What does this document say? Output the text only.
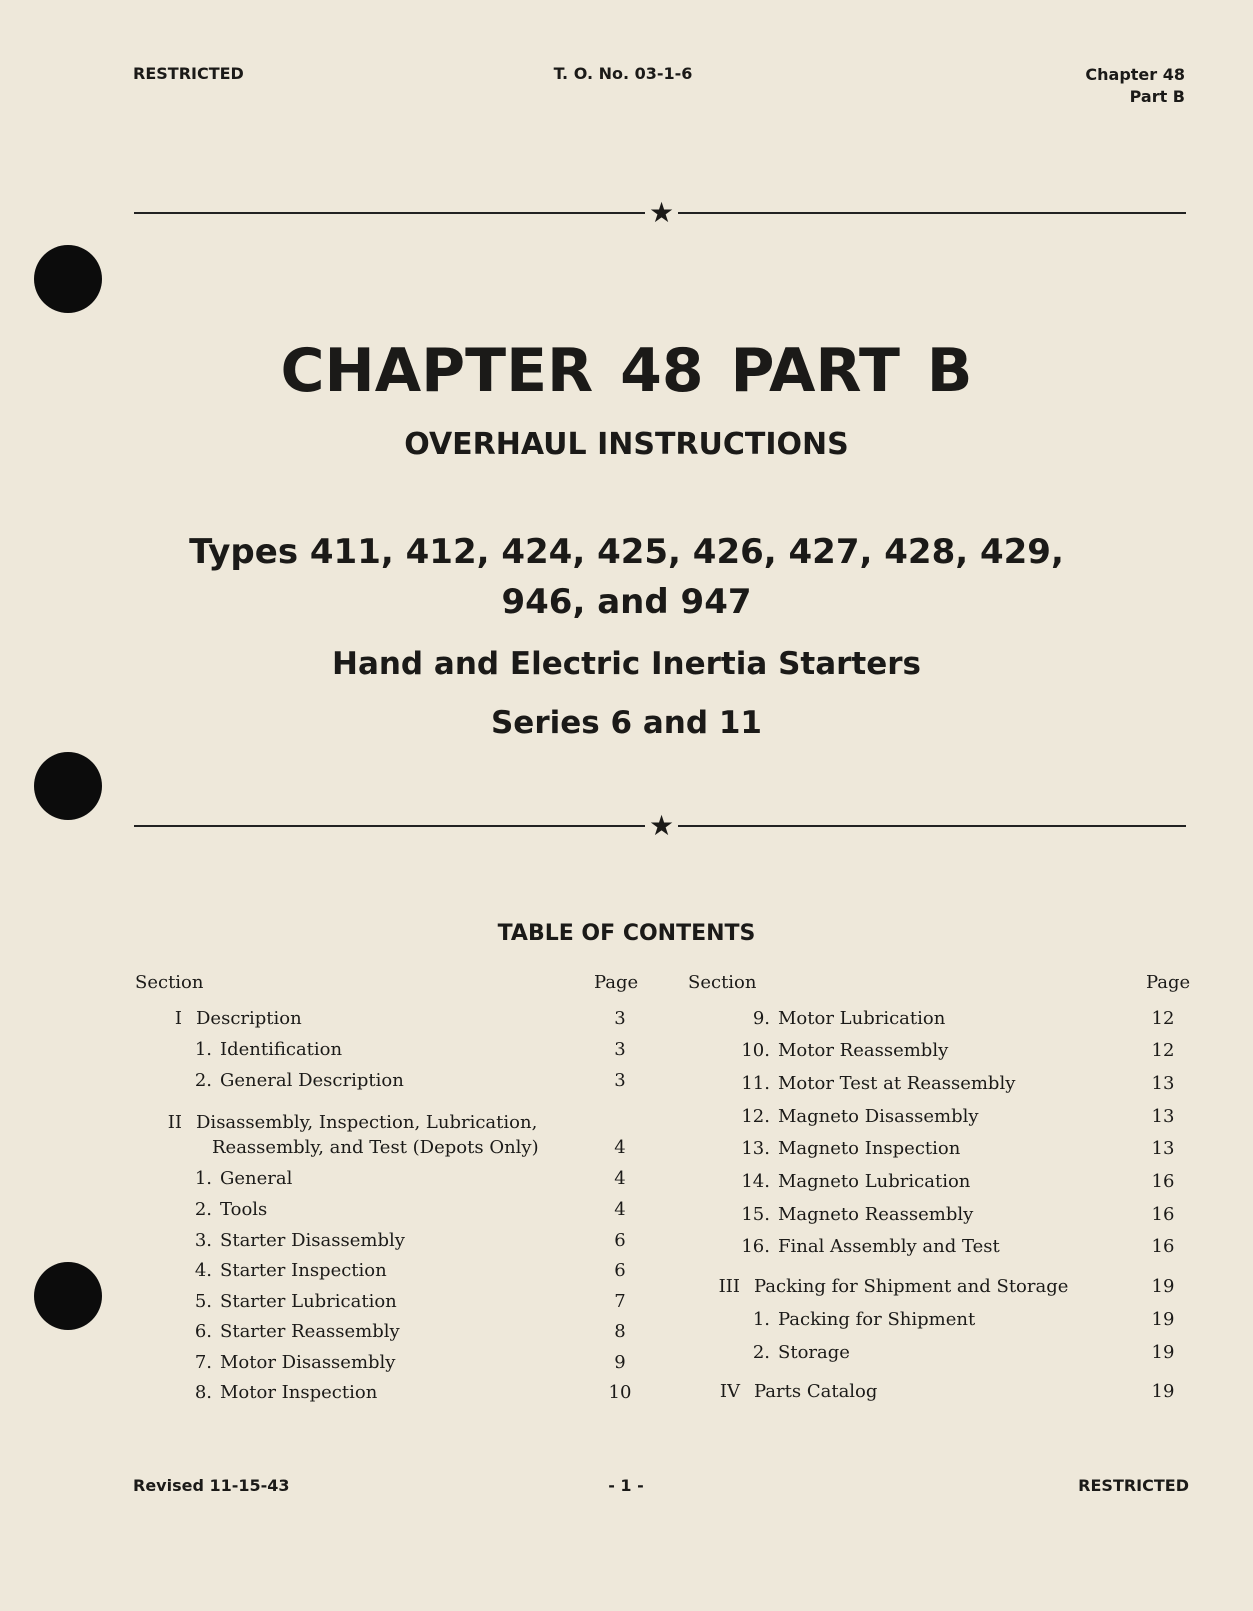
RESTRICTED	T. O. No. 03-1-6	Chapter 48
Part B
★
CHAPTER 48 PART B
OVERHAUL INSTRUCTIONS
Types 411, 412, 424, 425, 426, 427, 428, 429,
946, and 947
Hand and Electric Inertia Starters
Series 6 and 11
★
TABLE OF CONTENTS
Section	Page	Section	Page
I Description	3
1. Identification	3
2. General Description	3
II Disassembly, Inspection, Lubrication,
Reassembly, and Test (Depots Only)	4
1. General	4
2. Tools	4
3. Starter Disassembly	6
4. Starter Inspection	6
5. Starter Lubrication	7
6. Starter Reassembly	8
7. Motor Disassembly	9
8. Motor Inspection	10
9. Motor Lubrication	12
10. Motor Reassembly	12
11. Motor Test at Reassembly	13
12. Magneto Disassembly	13
13. Magneto Inspection	13
14. Magneto Lubrication	16
15. Magneto Reassembly	16
16. Final Assembly and Test	16
III Packing for Shipment and Storage	19
1. Packing for Shipment	19
2. Storage	19
IV Parts Catalog	19
Revised 11-15-43	- 1 -	RESTRICTED
